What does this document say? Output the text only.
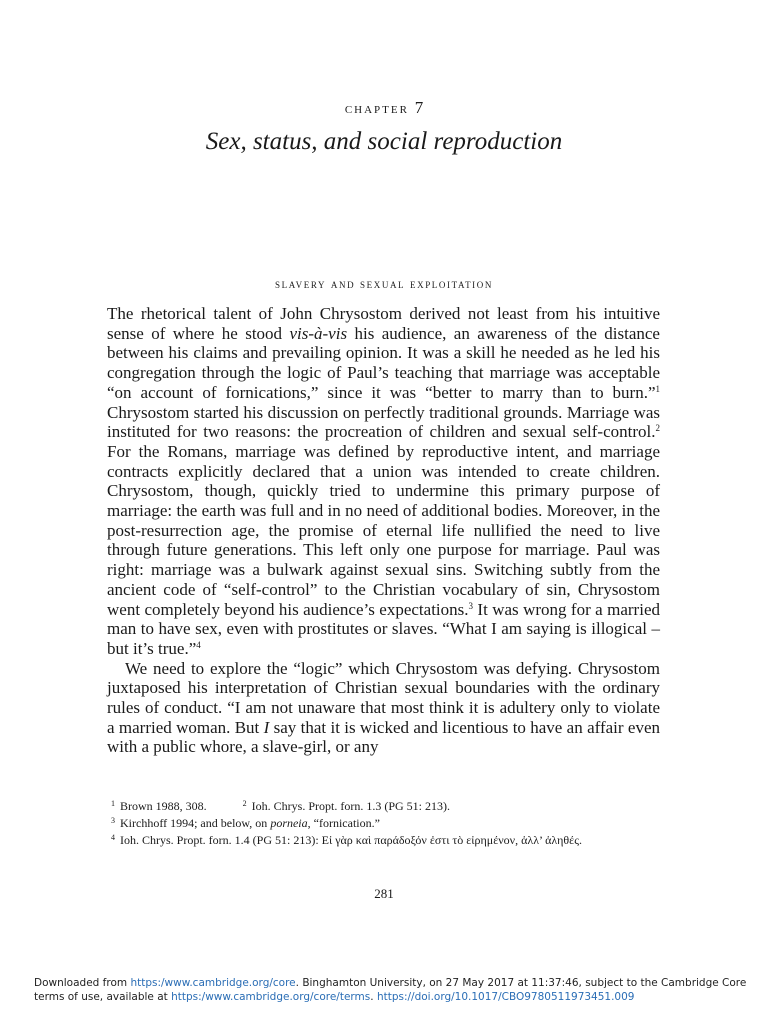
chapter 7
Sex, status, and social reproduction
slavery and sexual exploitation

The rhetorical talent of John Chrysostom derived not least from his intuitive sense of where he stood vis-à-vis his audience, an awareness of the distance between his claims and prevailing opinion. It was a skill he needed as he led his congregation through the logic of Paul’s teaching that marriage was acceptable “on account of fornications,” since it was “better to marry than to burn.”$^1$ Chrysostom started his discussion on perfectly traditional grounds. Marriage was instituted for two reasons: the procreation of children and sexual self-control.$^2$ For the Romans, marriage was defined by reproductive intent, and marriage contracts explicitly declared that a union was intended to create children. Chrysostom, though, quickly tried to undermine this primary purpose of marriage: the earth was full and in no need of additional bodies. Moreover, in the post-resurrection age, the promise of eternal life nullified the need to live through future generations. This left only one purpose for marriage. Paul was right: marriage was a bulwark against sexual sins. Switching subtly from the ancient code of “self-control” to the Christian vocabulary of sin, Chrysostom went completely beyond his audience’s expectations.$^3$ It was wrong for a married man to have sex, even with prostitutes or slaves. “What I am saying is illogical – but it’s true.”$^4$

We need to explore the “logic” which Chrysostom was defying. Chrysostom juxtaposed his interpretation of Christian sexual boundaries with the ordinary rules of conduct. “I am not unaware that most think it is adultery only to violate a married woman. But I say that it is wicked and licentious to have an affair even with a public whore, a slave-girl, or any

$^1$ Brown 1988, 308.	$^2$ Ioh. Chrys. Propt. forn. 1.3 (PG 51: 213).
$^3$ Kirchhoff 1994; and below, on porneia, “fornication.”
$^4$ Ioh. Chrys. Propt. forn. 1.4 (PG 51: 213): Εἰ γὰρ καὶ παράδοξόν ἐστι τὸ εἰρημένον, ἀλλ’ ἀληθές.
281
Downloaded from https:/www.cambridge.org/core. Binghamton University, on 27 May 2017 at 11:37:46, subject to the Cambridge Core
terms of use, available at https:/www.cambridge.org/core/terms. https://doi.org/10.1017/CBO9780511973451.009
